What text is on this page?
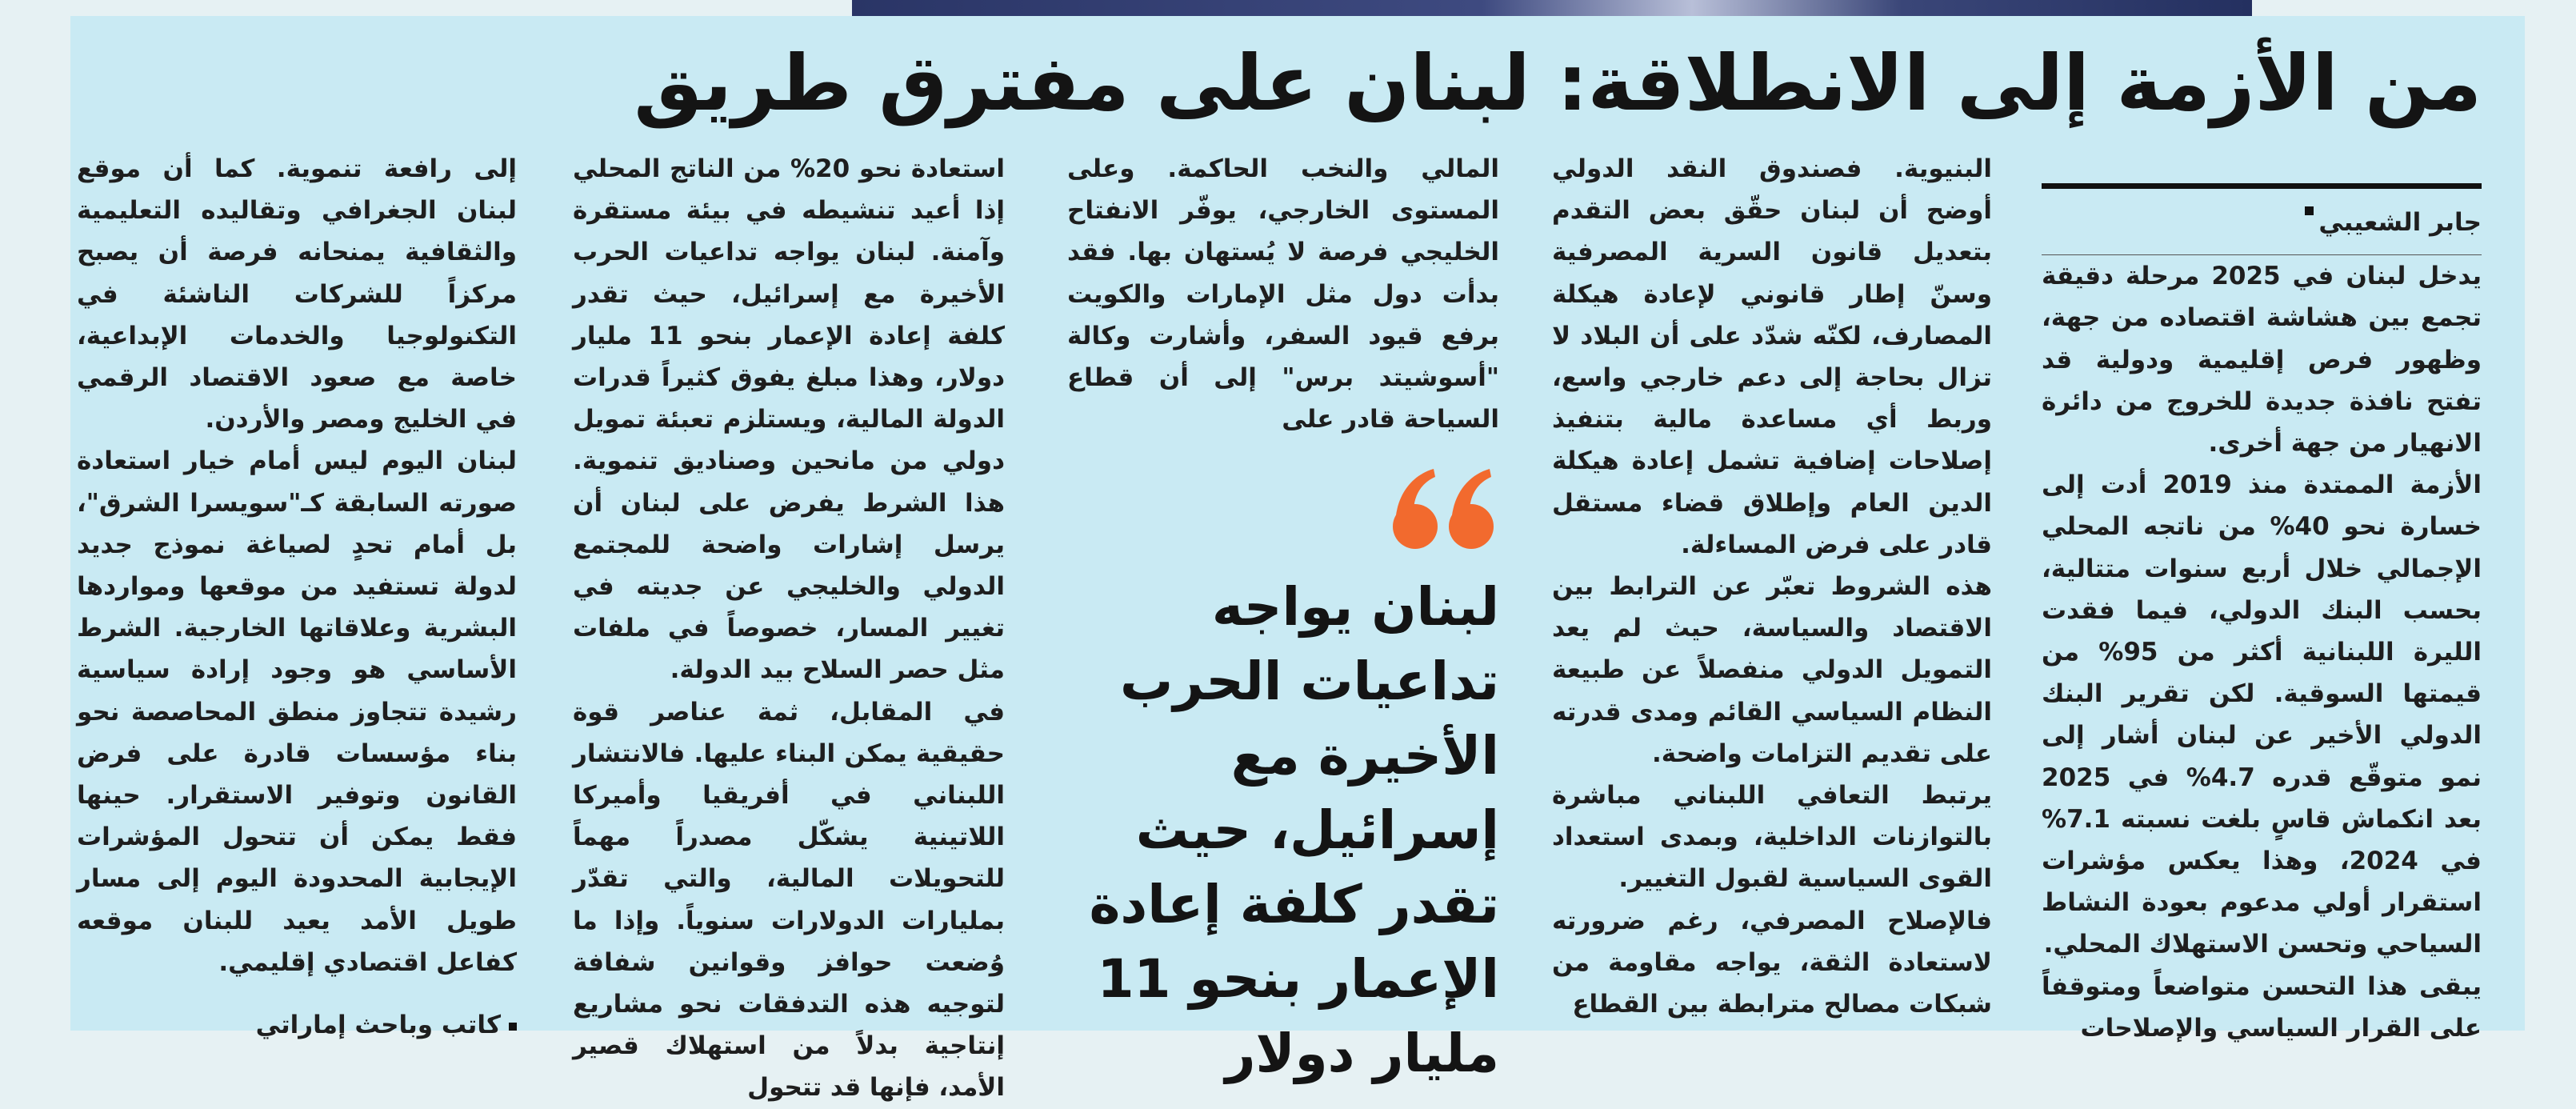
من الأزمة إلى الانطلاقة: لبنان على مفترق طريق
جابر الشعيبي

يدخل لبنان في 2025 مرحلة دقيقة تجمع بين هشاشة اقتصاده من جهة، وظهور فرص إقليمية ودولية قد تفتح نافذة جديدة للخروج من دائرة الانهيار من جهة أخرى.

الأزمة الممتدة منذ 2019 أدت إلى خسارة نحو 40% من ناتجه المحلي الإجمالي خلال أربع سنوات متتالية، بحسب البنك الدولي، فيما فقدت الليرة اللبنانية أكثر من 95% من قيمتها السوقية. لكن تقرير البنك الدولي الأخير عن لبنان أشار إلى نمو متوقّع قدره 4.7% في 2025 بعد انكماش قاسٍ بلغت نسبته 7.1% في 2024، وهذا يعكس مؤشرات استقرار أولي مدعوم بعودة النشاط السياحي وتحسن الاستهلاك المحلي.

يبقى هذا التحسن متواضعاً ومتوقفاً على القرار السياسي والإصلاحات

البنيوية. فصندوق النقد الدولي أوضح أن لبنان حقّق بعض التقدم بتعديل قانون السرية المصرفية وسنّ إطار قانوني لإعادة هيكلة المصارف، لكنّه شدّد على أن البلاد لا تزال بحاجة إلى دعم خارجي واسع، وربط أي مساعدة مالية بتنفيذ إصلاحات إضافية تشمل إعادة هيكلة الدين العام وإطلاق قضاء مستقل قادر على فرض المساءلة.

هذه الشروط تعبّر عن الترابط بين الاقتصاد والسياسة، حيث لم يعد التمويل الدولي منفصلاً عن طبيعة النظام السياسي القائم ومدى قدرته على تقديم التزامات واضحة.

يرتبط التعافي اللبناني مباشرة بالتوازنات الداخلية، وبمدى استعداد القوى السياسية لقبول التغيير.

فالإصلاح المصرفي، رغم ضرورته لاستعادة الثقة، يواجه مقاومة من شبكات مصالح مترابطة بين القطاع

المالي والنخب الحاكمة. وعلى المستوى الخارجي، يوفّر الانفتاح الخليجي فرصة لا يُستهان بها. فقد بدأت دول مثل الإمارات والكويت برفع قيود السفر، وأشارت وكالة "أسوشيتد برس" إلى أن قطاع السياحة قادر على

لبنان يواجه تداعيات الحرب الأخيرة مع إسرائيل، حيث تقدر كلفة إعادة الإعمار بنحو 11 مليار دولار

استعادة نحو 20% من الناتج المحلي إذا أعيد تنشيطه في بيئة مستقرة وآمنة. لبنان يواجه تداعيات الحرب الأخيرة مع إسرائيل، حيث تقدر كلفة إعادة الإعمار بنحو 11 مليار دولار، وهذا مبلغ يفوق كثيراً قدرات الدولة المالية، ويستلزم تعبئة تمويل دولي من مانحين وصناديق تنموية. هذا الشرط يفرض على لبنان أن يرسل إشارات واضحة للمجتمع الدولي والخليجي عن جديته في تغيير المسار، خصوصاً في ملفات مثل حصر السلاح بيد الدولة.

في المقابل، ثمة عناصر قوة حقيقية يمكن البناء عليها. فالانتشار اللبناني في أفريقيا وأميركا اللاتينية يشكّل مصدراً مهماً للتحويلات المالية، والتي تقدّر بمليارات الدولارات سنوياً. وإذا ما وُضعت حوافز وقوانين شفافة لتوجيه هذه التدفقات نحو مشاريع إنتاجية بدلاً من استهلاك قصير الأمد، فإنها قد تتحول

إلى رافعة تنموية. كما أن موقع لبنان الجغرافي وتقاليده التعليمية والثقافية يمنحانه فرصة أن يصبح مركزاً للشركات الناشئة في التكنولوجيا والخدمات الإبداعية، خاصة مع صعود الاقتصاد الرقمي في الخليج ومصر والأردن.

لبنان اليوم ليس أمام خيار استعادة صورته السابقة كـ"سويسرا الشرق"، بل أمام تحدٍ لصياغة نموذج جديد لدولة تستفيد من موقعها ومواردها البشرية وعلاقاتها الخارجية. الشرط الأساسي هو وجود إرادة سياسية رشيدة تتجاوز منطق المحاصصة نحو بناء مؤسسات قادرة على فرض القانون وتوفير الاستقرار. حينها فقط يمكن أن تتحول المؤشرات الإيجابية المحدودة اليوم إلى مسار طويل الأمد يعيد للبنان موقعه كفاعل اقتصادي إقليمي.

كاتب وباحث إماراتي
